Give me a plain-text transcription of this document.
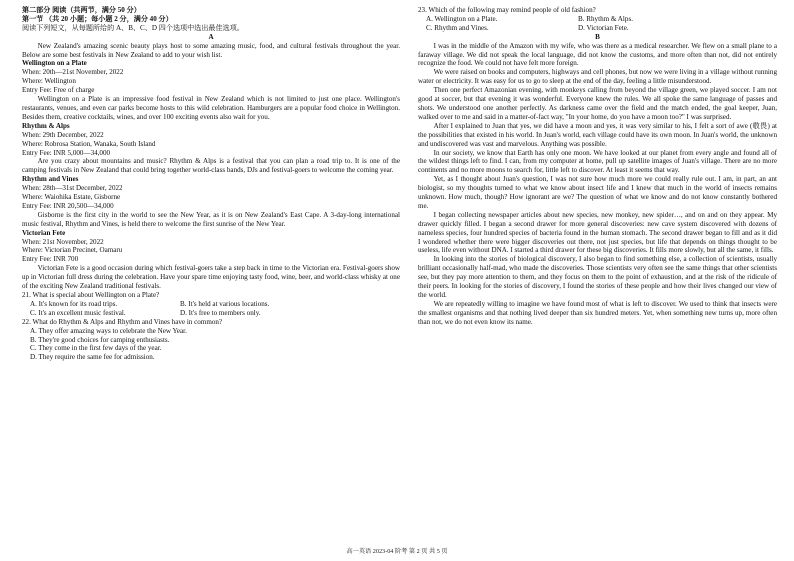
第二部分 阅读（共两节，满分 50 分）
第一节 （共 20 小题；每小题 2 分，满分 40 分）
阅读下列短文，从每题所给的 A、B、C、D 四个选项中选出最佳选项。
A
New Zealand's amazing scenic beauty plays host to some amazing music, food, and cultural festivals throughout the year. Below are some best festivals in New Zealand to add to your wish list.
Wellington on a Plate
When: 20th—21st November, 2022
Where: Wellington
Entry Fee: Free of charge
Wellington on a Plate is an impressive food festival in New Zealand which is not limited to just one place. Wellington's restaurants, venues, and even car parks become hosts to this wild celebration. Hamburgers are a popular food choice in Wellington. Besides them, creative cocktails, wines, and over 100 exciting events also wait for you.
Rhythm & Alps
When: 29th December, 2022
Where: Robrosa Station, Wanaka, South Island
Entry Fee: INR 5,000—34,000
Are you crazy about mountains and music? Rhythm & Alps is a festival that you can plan a road trip to. It is one of the camping festivals in New Zealand that could bring together world-class bands, DJs and festival-goers to welcome the coming year.
Rhythm and Vines
When: 28th—31st December, 2022
Where: Waiohika Estate, Gisborne
Entry Fee: INR 20,500—34,000
Gisborne is the first city in the world to see the New Year, as it is on New Zealand's East Cape. A 3-day-long international music festival, Rhythm and Vines, is held there to welcome the first sunrise of the New Year.
Victorian Fete
When: 21st November, 2022
Where: Victorian Precinet, Oamaru
Entry Fee: INR 700
Victorian Fete is a good occasion during which festival-goers take a step back in time to the Victorian era. Festival-goers show up in Victorian full dress during the celebration. Have your spare time enjoying tasty food, wine, beer, and world-class whisky at one of the exciting New Zealand traditional festivals.
21. What is special about Wellington on a Plate?
A. It's known for its road trips.	B. It's held at various locations.
C. It's an excellent music festival.	D. It's free to members only.
22. What do Rhythm & Alps and Rhythm and Vines have in common?
A. They offer amazing ways to celebrate the New Year.
B. They're good choices for camping enthusiasts.
C. They come in the first few days of the year.
D. They require the same fee for admission.
23. Which of the following may remind people of old fashion?
A. Wellington on a Plate.	B. Rhythm & Alps.
C. Rhythm and Vines.	D. Victorian Fete.
B
I was in the middle of the Amazon with my wife, who was there as a medical researcher. We flew on a small plane to a faraway village. We did not speak the local language, did not know the customs, and more often than not, did not entirely recognize the food. We could not have felt more foreign.
We were raised on books and computers, highways and cell phones, but now we were living in a village without running water or electricity. It was easy for us to go to sleep at the end of the day, feeling a little misunderstood.
Then one perfect Amazonian evening, with monkeys calling from beyond the village green, we played soccer. I am not good at soccer, but that evening it was wonderful. Everyone knew the rules. We all spoke the same language of passes and shots. We understood one another perfectly. As darkness came over the field and the match ended, the goal keeper, Juan, walked over to me and said in a matter-of-fact way, "In your home, do you have a moon too?" I was surprised.
After I explained to Juan that yes, we did have a moon and yes, it was very similar to his, I felt a sort of awe (敬畏) at the possibilities that existed in his world. In Juan's world, each village could have its own moon. In Juan's world, the unknown and undiscovered was vast and marvelous. Anything was possible.
In our society, we know that Earth has only one moon. We have looked at our planet from every angle and found all of the wildest things left to find. I can, from my computer at home, pull up satellite images of Juan's village. There are no more continents and no more moons to search for, little left to discover. At least it seems that way.
Yet, as I thought about Juan's question, I was not sure how much more we could really rule out. I am, in part, an ant biologist, so my thoughts turned to what we know about insect life and I knew that much in the world of insects remains unknown. How much, though? How ignorant are we? The question of what we know and do not know constantly bothered me.
I began collecting newspaper articles about new species, new monkey, new spider…, and on and on they appear. My drawer quickly filled. I began a second drawer for more general discoveries: new cave system discovered with dozens of nameless species, four hundred species of bacteria found in the human stomach. The second drawer began to fill and as it did I wondered whether there were bigger discoveries out there, not just species, but life that depends on things thought to be useless, life even without DNA. I started a third drawer for these big discoveries. It fills more slowly, but all the same, it fills.
In looking into the stories of biological discovery, I also began to find something else, a collection of scientists, usually brilliant occasionally half-mad, who made the discoveries. Those scientists very often see the same things that other scientists see, but they pay more attention to them, and they focus on them to the point of exhaustion, and at the risk of the ridicule of their peers. In looking for the stories of discovery, I found the stories of these people and how their lives changed our view of the world.
We are repeatedly willing to imagine we have found most of what is left to discover. We used to think that insects were the smallest organisms and that nothing lived deeper than six hundred meters. Yet, when something new turns up, more often than not, we do not even know its name.
高一英语 2023-04 阶考 第 2 页 共 5 页
